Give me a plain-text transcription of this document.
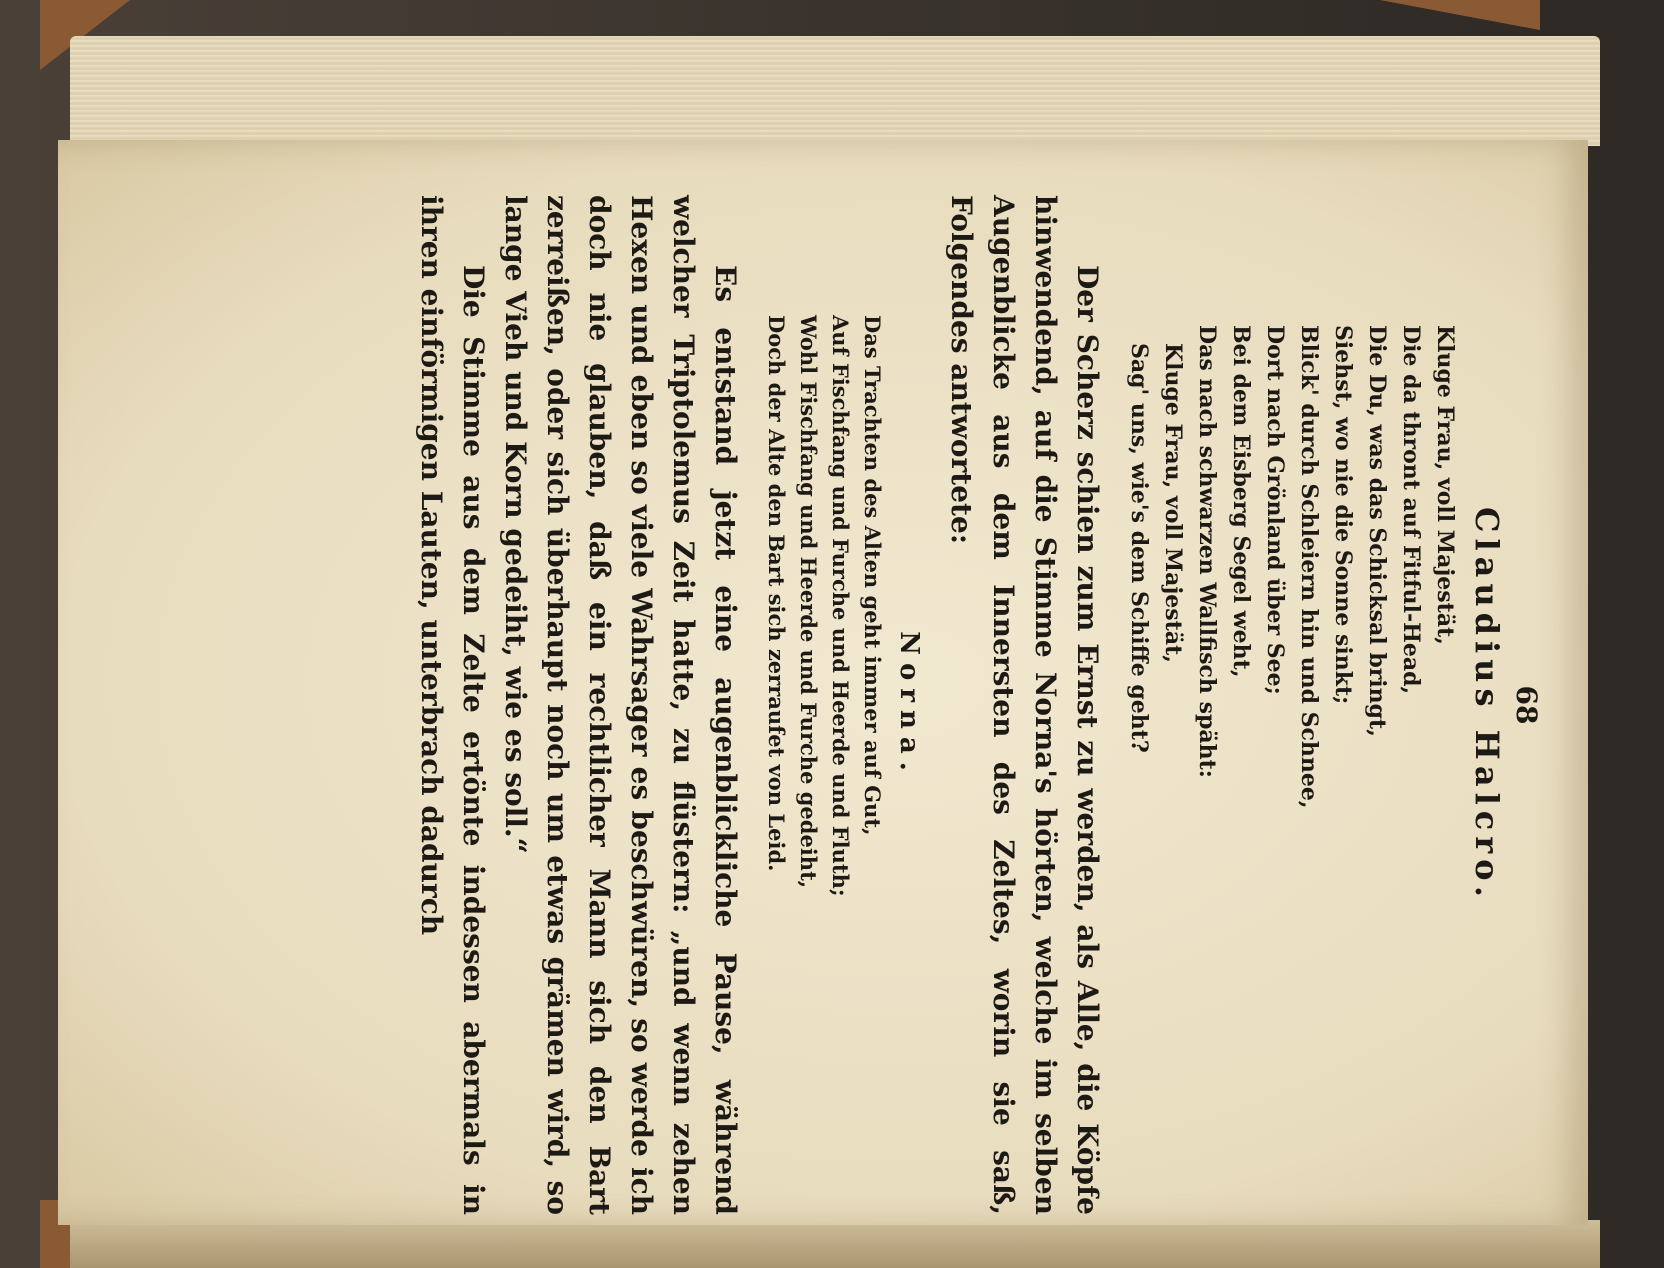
68
Claudius Halcro.
Kluge Frau, voll Majestät,
Die da thront auf Fitful-Head,
Die Du, was das Schicksal bringt,
Siehst, wo nie die Sonne sinkt;
Blick' durch Schleiern hin und Schnee,
Dort nach Grönland über See;
Bei dem Eisberg Segel weht,
Das nach schwarzen Wallfisch späht:
Kluge Frau, voll Majestät,
Sag' uns, wie's dem Schiffe geht?

Der Scherz schien zum Ernst zu werden, als Alle, die Köpfe hinwendend, auf die Stimme Norna's hörten, welche im selben Augenblicke aus dem Innersten des Zeltes, worin sie saß, Folgendes antwortete:

Norna.
Das Trachten des Alten geht immer auf Gut,
Auf Fischfang und Furche und Heerde und Fluth;
Wohl Fischfang und Heerde und Furche gedeiht,
Doch der Alte den Bart sich zerraufet von Leid.

Es entstand jetzt eine augenblickliche Pause, während welcher Triptolemus Zeit hatte, zu flüstern: „und wenn zehen Hexen und eben so viele Wahrsager es beschwüren, so werde ich doch nie glauben, daß ein rechtlicher Mann sich den Bart zerreißen, oder sich überhaupt noch um etwas grämen wird, so lange Vieh und Korn gedeiht, wie es soll.“

Die Stimme aus dem Zelte ertönte indessen abermals in ihren einförmigen Lauten, unterbrach dadurch
